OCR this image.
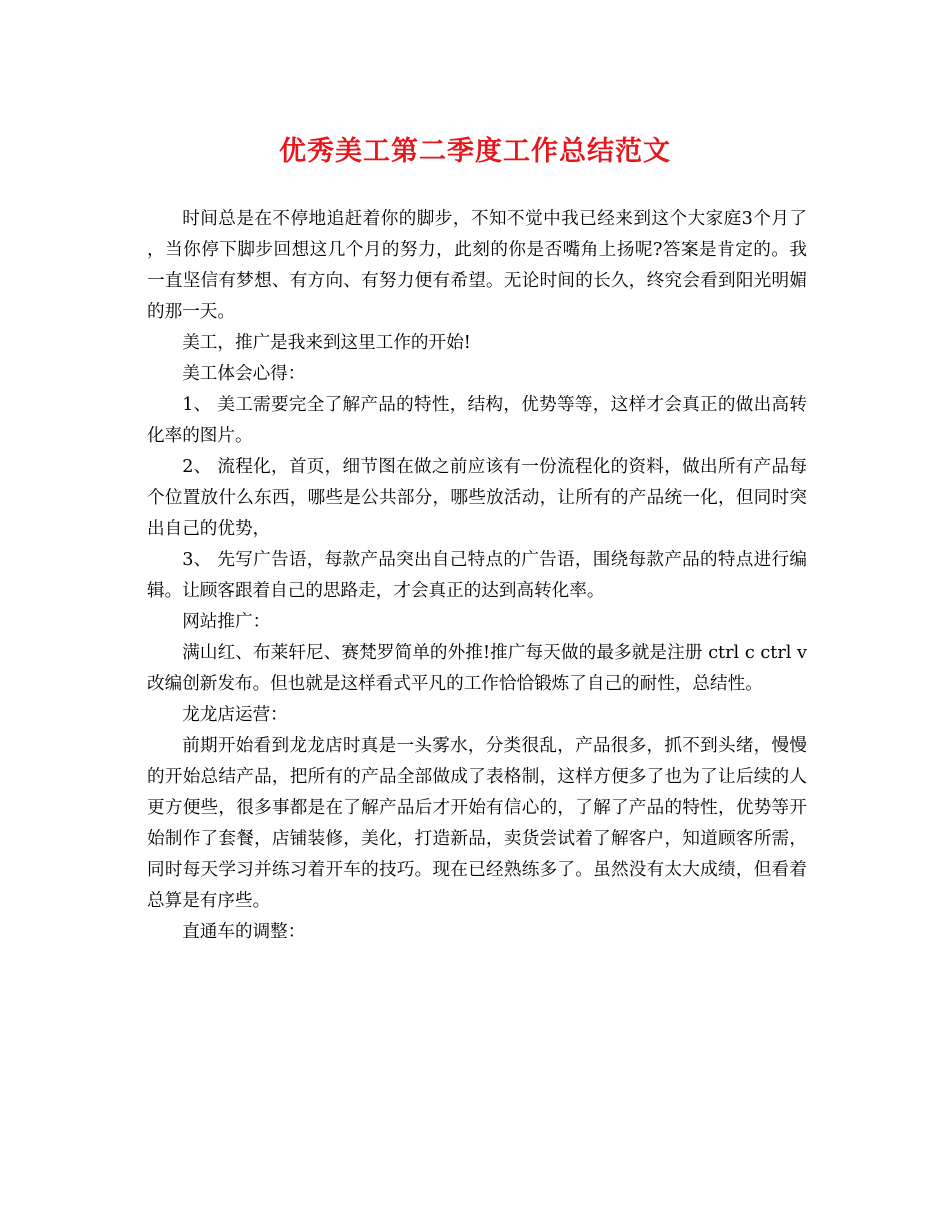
优秀美工第二季度工作总结范文

时间总是在不停地追赶着你的脚步，不知不觉中我已经来到这个大家庭3个月了，当你停下脚步回想这几个月的努力，此刻的你是否嘴角上扬呢?答案是肯定的。我一直坚信有梦想、有方向、有努力便有希望。无论时间的长久，终究会看到阳光明媚的那一天。

美工，推广是我来到这里工作的开始!

美工体会心得：

1、 美工需要完全了解产品的特性，结构，优势等等，这样才会真正的做出高转化率的图片。

2、 流程化，首页，细节图在做之前应该有一份流程化的资料，做出所有产品每个位置放什么东西，哪些是公共部分，哪些放活动，让所有的产品统一化，但同时突出自己的优势，

3、 先写广告语，每款产品突出自己特点的广告语，围绕每款产品的特点进行编辑。让顾客跟着自己的思路走，才会真正的达到高转化率。

网站推广：

满山红、布莱轩尼、赛梵罗简单的外推!推广每天做的最多就是注册 ctrl c ctrl v 改编创新发布。但也就是这样看式平凡的工作恰恰锻炼了自己的耐性，总结性。

龙龙店运营：

前期开始看到龙龙店时真是一头雾水，分类很乱，产品很多，抓不到头绪，慢慢的开始总结产品，把所有的产品全部做成了表格制，这样方便多了也为了让后续的人更方便些，很多事都是在了解产品后才开始有信心的，了解了产品的特性，优势等开始制作了套餐，店铺装修，美化，打造新品，卖货尝试着了解客户，知道顾客所需，同时每天学习并练习着开车的技巧。现在已经熟练多了。虽然没有太大成绩，但看着总算是有序些。

直通车的调整：
